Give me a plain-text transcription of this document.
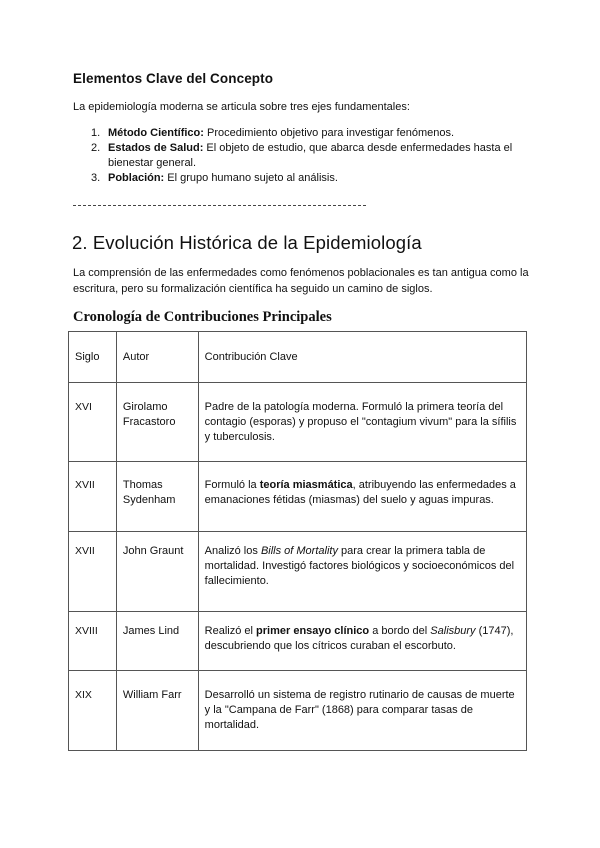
Elementos Clave del Concepto
La epidemiología moderna se articula sobre tres ejes fundamentales:
1. Método Científico: Procedimiento objetivo para investigar fenómenos.
2. Estados de Salud: El objeto de estudio, que abarca desde enfermedades hasta el bienestar general.
3. Población: El grupo humano sujeto al análisis.
2. Evolución Histórica de la Epidemiología
La comprensión de las enfermedades como fenómenos poblacionales es tan antigua como la escritura, pero su formalización científica ha seguido un camino de siglos.
Cronología de Contribuciones Principales
Siglo	Autor	Contribución Clave
XVI	Girolamo Fracastoro	Padre de la patología moderna. Formuló la primera teoría del contagio (esporas) y propuso el "contagium vivum" para la sífilis y tuberculosis.
XVII	Thomas Sydenham	Formuló la teoría miasmática, atribuyendo las enfermedades a emanaciones fétidas (miasmas) del suelo y aguas impuras.
XVII	John Graunt	Analizó los Bills of Mortality para crear la primera tabla de mortalidad. Investigó factores biológicos y socioeconómicos del fallecimiento.
XVIII	James Lind	Realizó el primer ensayo clínico a bordo del Salisbury (1747), descubriendo que los cítricos curaban el escorbuto.
XIX	William Farr	Desarrolló un sistema de registro rutinario de causas de muerte y la "Campana de Farr" (1868) para comparar tasas de mortalidad.
